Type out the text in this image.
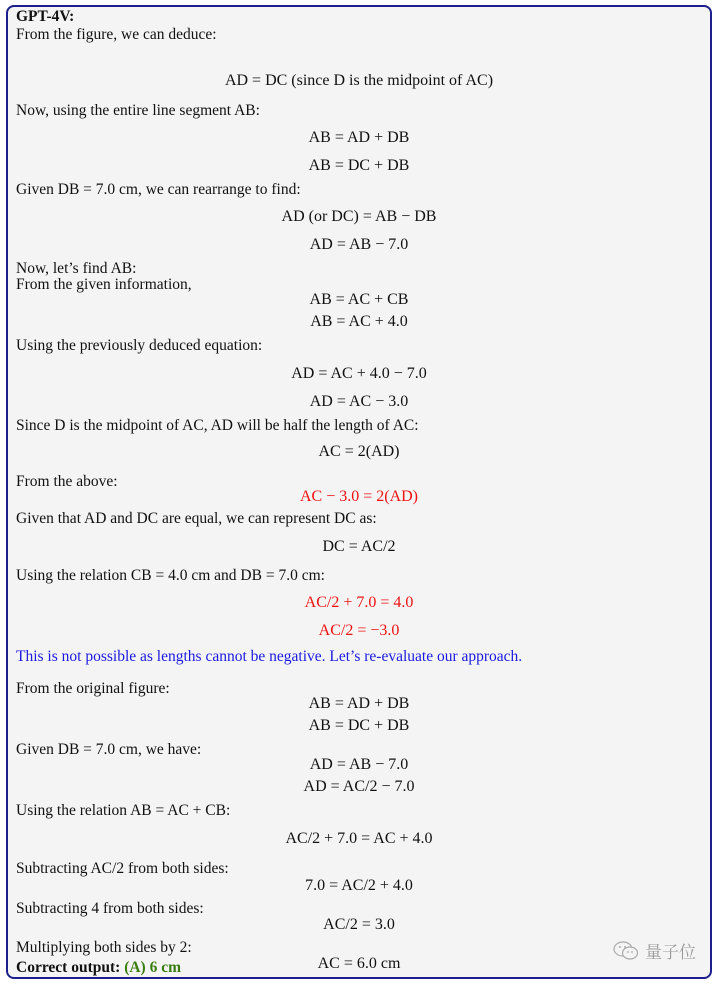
GPT-4V:
From the figure, we can deduce:
AD = DC (since D is the midpoint of AC)
Now, using the entire line segment AB:
AB = AD + DB
AB = DC + DB
Given DB = 7.0 cm, we can rearrange to find:
AD (or DC) = AB − DB
AD = AB − 7.0
Now, let’s find AB:
From the given information,
AB = AC + CB
AB = AC + 4.0
Using the previously deduced equation:
AD = AC + 4.0 − 7.0
AD = AC − 3.0
Since D is the midpoint of AC, AD will be half the length of AC:
AC = 2(AD)
From the above:
AC − 3.0 = 2(AD)
Given that AD and DC are equal, we can represent DC as:
DC = AC/2
Using the relation CB = 4.0 cm and DB = 7.0 cm:
AC/2 + 7.0 = 4.0
AC/2 = −3.0
This is not possible as lengths cannot be negative. Let’s re-evaluate our approach.
From the original figure:
AB = AD + DB
AB = DC + DB
Given DB = 7.0 cm, we have:
AD = AB − 7.0
AD = AC/2 − 7.0
Using the relation AB = AC + CB:
AC/2 + 7.0 = AC + 4.0
Subtracting AC/2 from both sides:
7.0 = AC/2 + 4.0
Subtracting 4 from both sides:
AC/2 = 3.0
Multiplying both sides by 2:
AC = 6.0 cm
Correct output: (A) 6 cm
量子位
